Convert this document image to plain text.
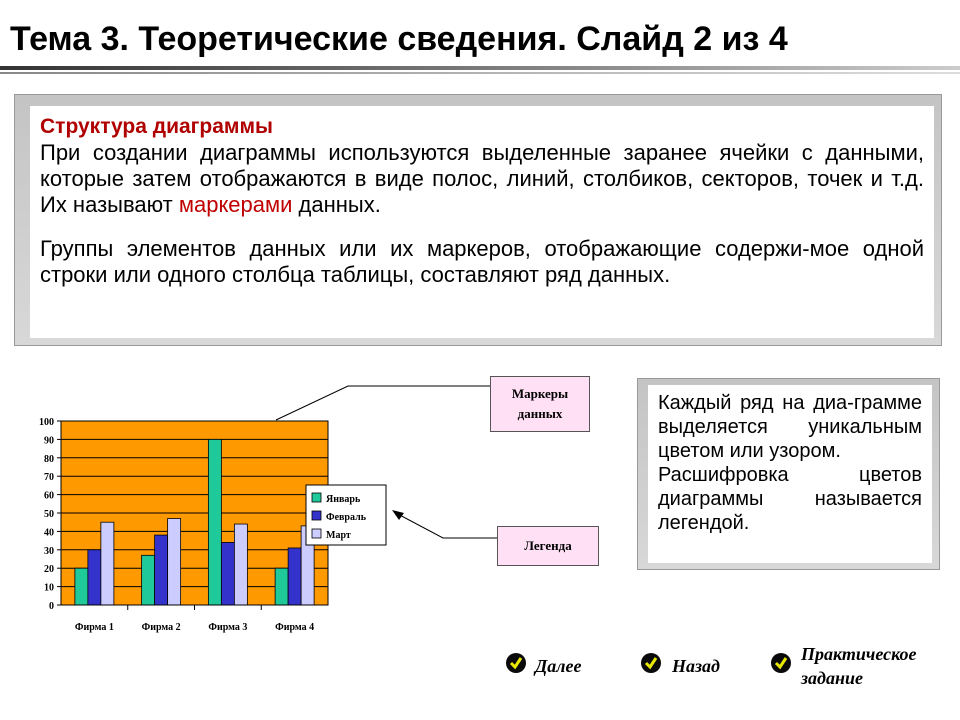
Тема 3. Теоретические сведения. Слайд 2 из 4
Структура диаграммы
При создании диаграммы используются выделенные заранее ячейки с данными, которые затем отображаются в виде полос, линий, столбиков, секторов, точек и т.д. Их называют маркерами данных.
Группы элементов данных или их маркеров, отображающие содержи-мое одной строки или одного столбца таблицы, составляют ряд данных.
0
10
20
30
40
50
60
70
80
90
100
Фирма 1	Фирма 2	Фирма 3	Фирма 4
Январь
Февраль
Март
Маркеры данных
Легенда
Каждый ряд на диа-грамме выделяется уникальным цветом или узором.
Расшифровка цветов диаграммы называется легендой.
Далее	Назад
Практическое
задание
